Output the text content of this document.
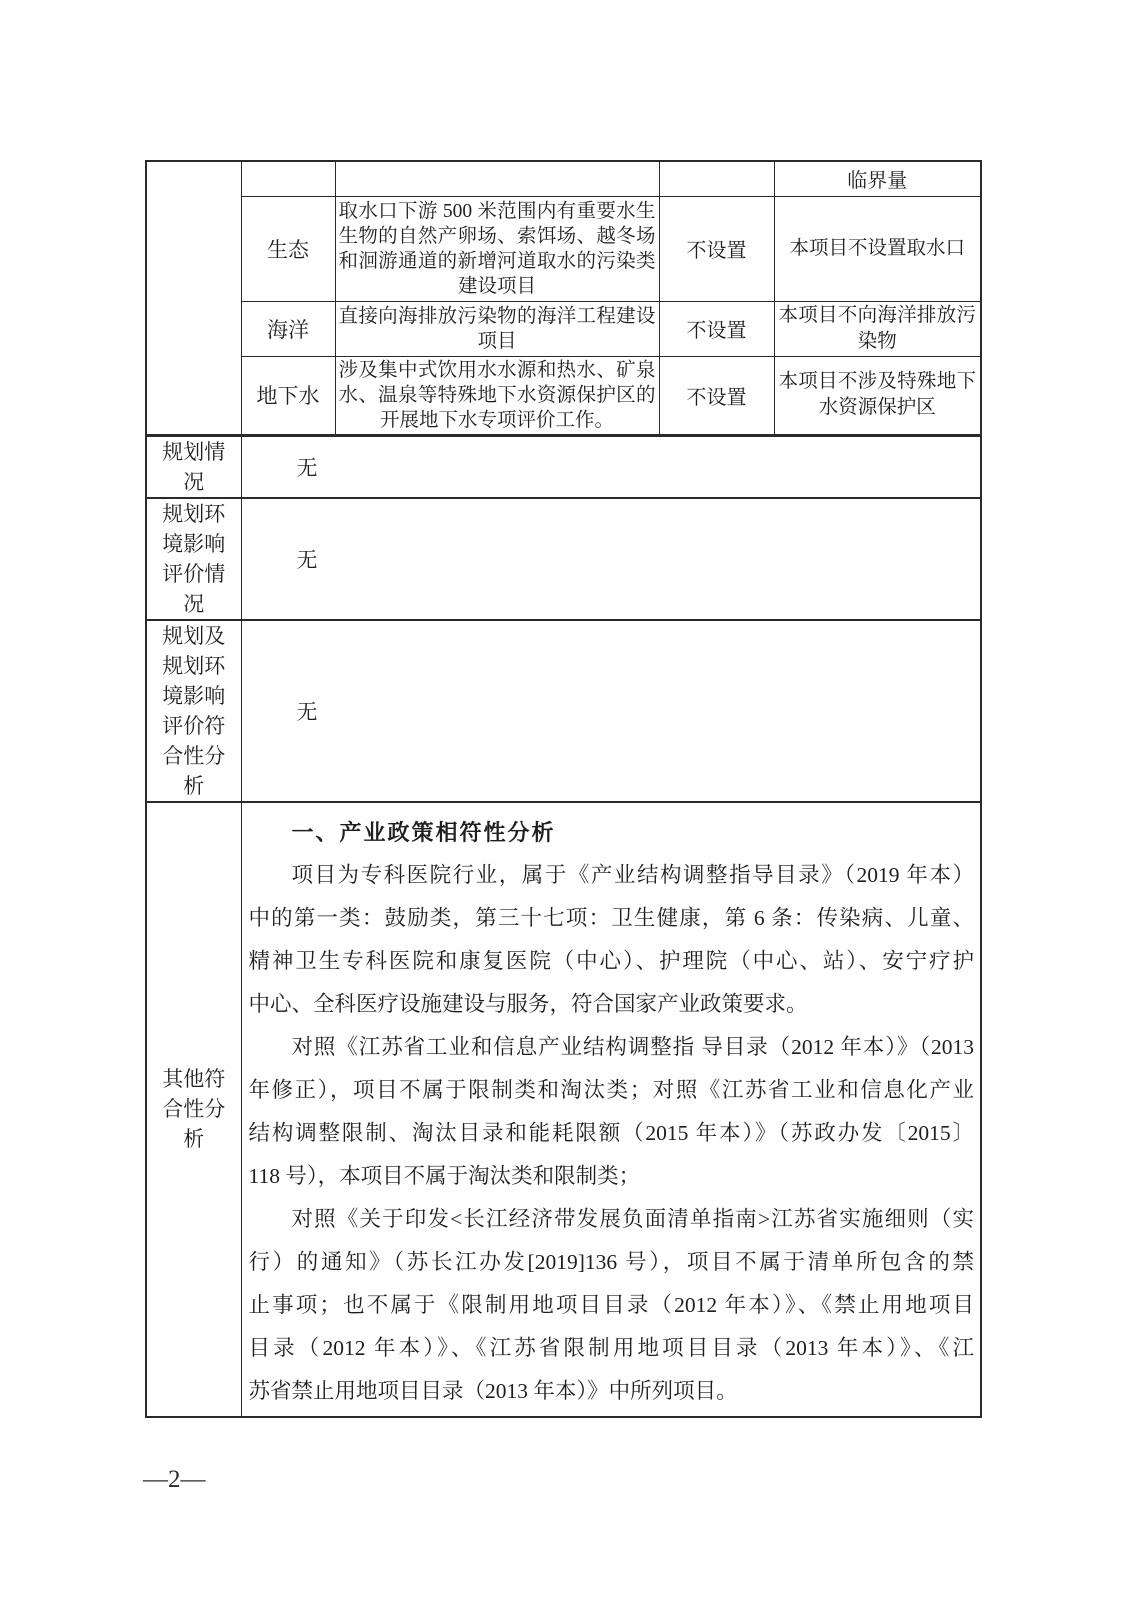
				临界量
	生态	取水口下游 500 米范围内有重要水生生物的自然产卵场、索饵场、越冬场和洄游通道的新增河道取水的污染类建设项目	不设置	本项目不设置取水口
	海洋	直接向海排放污染物的海洋工程建设项目	不设置	本项目不向海洋排放污染物
	地下水	涉及集中式饮用水水源和热水、矿泉水、温泉等特殊地下水资源保护区的开展地下水专项评价工作。	不设置	本项目不涉及特殊地下水资源保护区
规划情况	无			
规划环境影响评价情况	无			
规划及规划环境影响评价符合性分析	无			
其他符合性分析	
一、产业政策相符性分析
项目为专科医院行业，属于《产业结构调整指导目录》（2019 年本）
中的第一类：鼓励类，第三十七项：卫生健康，第 6 条：传染病、儿童、
精神卫生专科医院和康复医院（中心）、护理院（中心、站）、安宁疗护
中心、全科医疗设施建设与服务，符合国家产业政策要求。
对照《江苏省工业和信息产业结构调整指 导目录（2012 年本）》（2013
年修正），项目不属于限制类和淘汰类；对照《江苏省工业和信息化产业
结构调整限制、淘汰目录和能耗限额（2015 年本）》（苏政办发〔2015〕
118 号），本项目不属于淘汰类和限制类；
对照《关于印发<长江经济带发展负面清单指南>江苏省实施细则（实
行）的通知》（苏长江办发[2019]136 号），项目不属于清单所包含的禁
止事项；也不属于《限制用地项目目录（2012 年本）》、《禁止用地项目
目录（2012 年本）》、《江苏省限制用地项目目录（2013 年本）》、《江
苏省禁止用地项目目录（2013 年本）》中所列项目。
—2—
